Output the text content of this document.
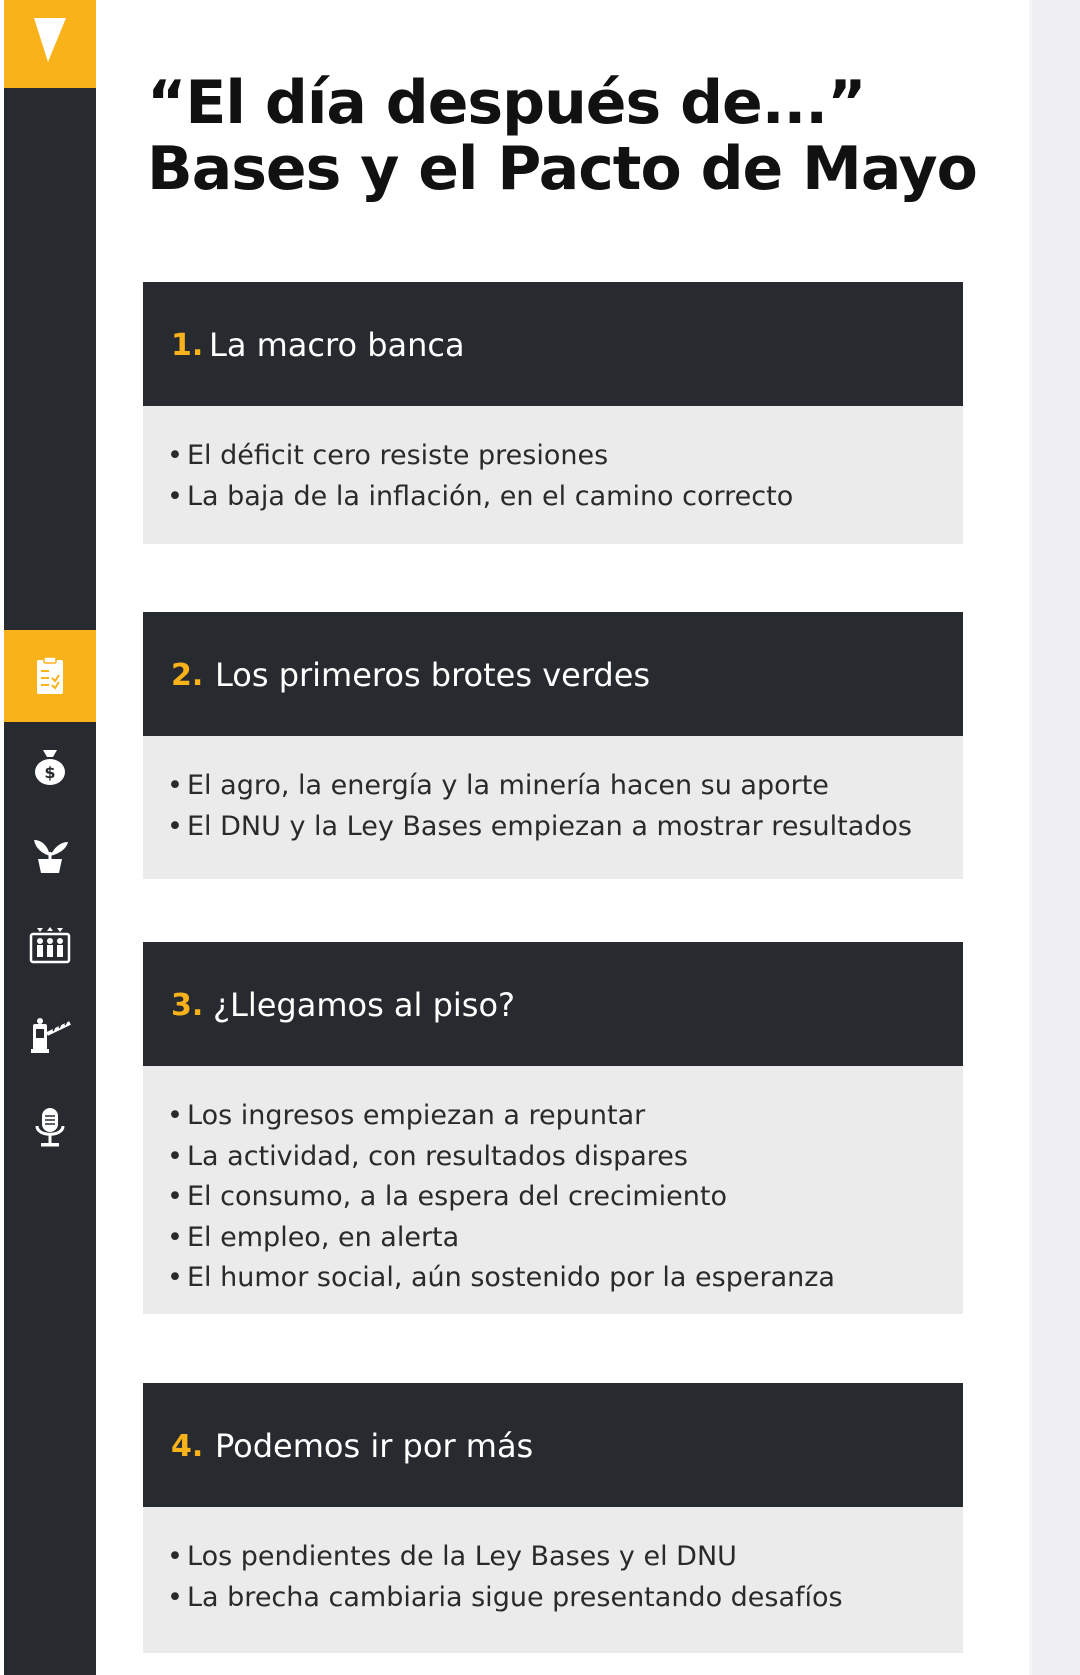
$
“El día después de...”
Bases y el Pacto de Mayo
1. La macro banca
• El déficit cero resiste presiones
• La baja de la inflación, en el camino correcto
2. Los primeros brotes verdes
• El agro, la energía y la minería hacen su aporte
• El DNU y la Ley Bases empiezan a mostrar resultados
3. ¿Llegamos al piso?
• Los ingresos empiezan a repuntar
• La actividad, con resultados dispares
• El consumo, a la espera del crecimiento
• El empleo, en alerta
• El humor social, aún sostenido por la esperanza
4. Podemos ir por más
• Los pendientes de la Ley Bases y el DNU
• La brecha cambiaria sigue presentando desafíos
